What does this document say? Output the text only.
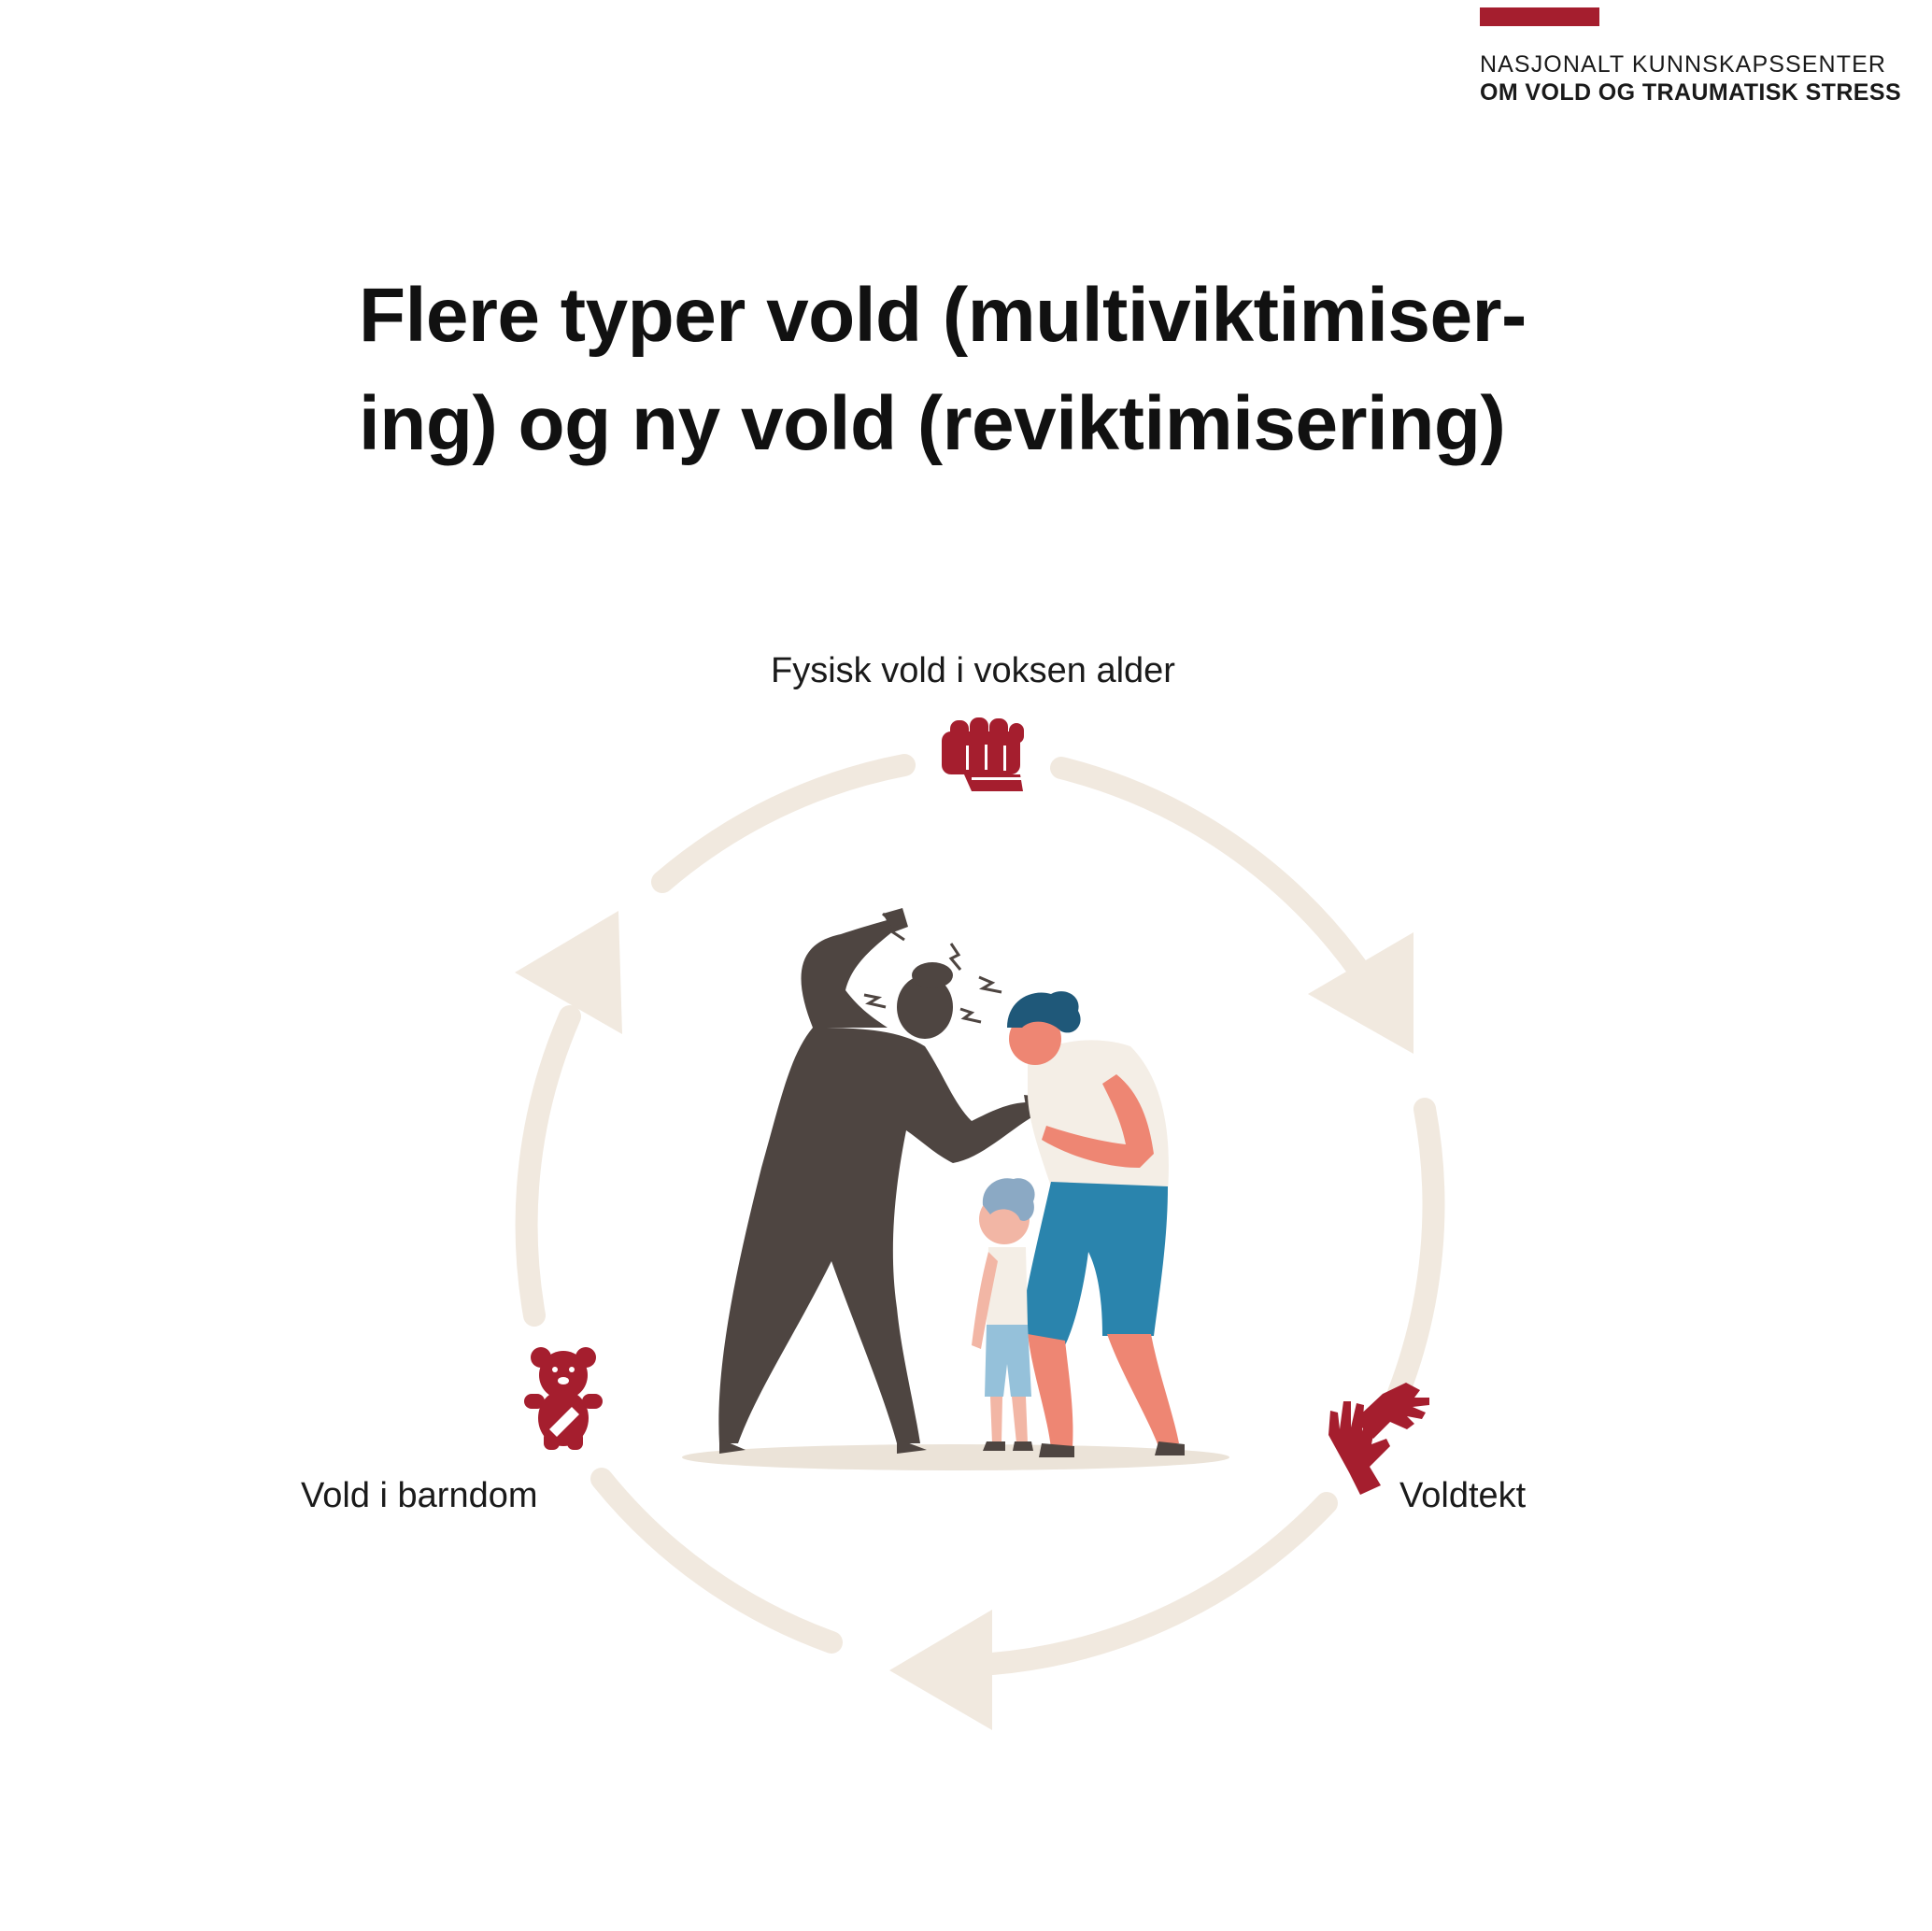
NASJONALT KUNNSKAPSSENTER
OM VOLD OG TRAUMATISK STRESS
Flere typer vold (multiviktimiser-
ing) og ny vold (reviktimisering)
Fysisk vold i voksen alder
Voldtekt
Vold i barndom
